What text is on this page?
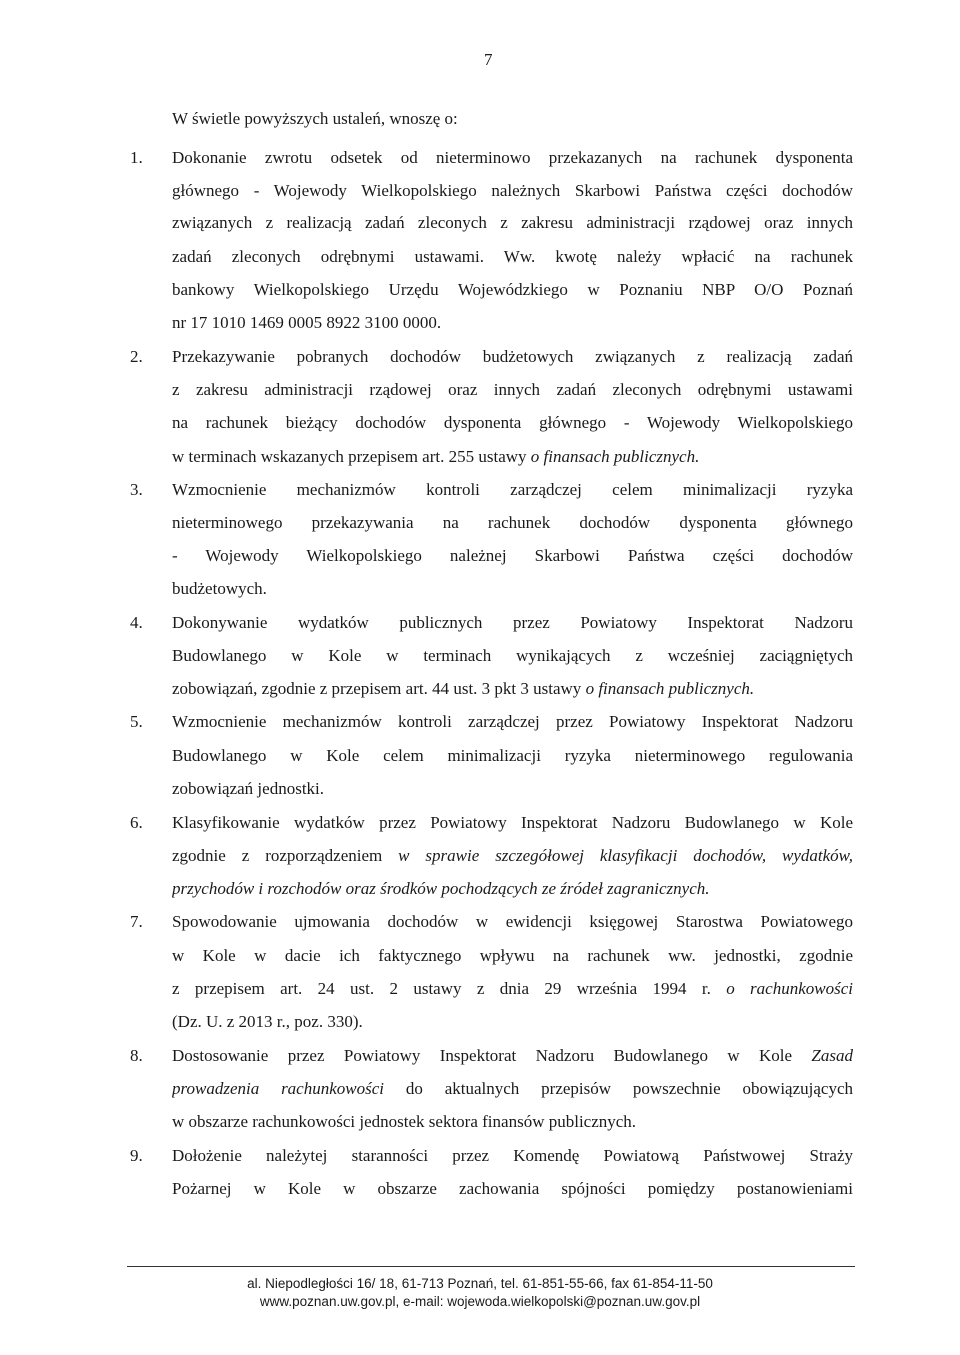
7
W świetle powyższych ustaleń, wnoszę o:
1. Dokonanie zwrotu odsetek od nieterminowo przekazanych na rachunek dysponenta
głównego - Wojewody Wielkopolskiego należnych Skarbowi Państwa części dochodów
związanych z realizacją zadań zleconych z zakresu administracji rządowej oraz innych
zadań zleconych odrębnymi ustawami. Ww. kwotę należy wpłacić na rachunek
bankowy Wielkopolskiego Urzędu Wojewódzkiego w Poznaniu NBP O/O Poznań
nr 17 1010 1469 0005 8922 3100 0000.
2. Przekazywanie pobranych dochodów budżetowych związanych z realizacją zadań
z zakresu administracji rządowej oraz innych zadań zleconych odrębnymi ustawami
na rachunek bieżący dochodów dysponenta głównego - Wojewody Wielkopolskiego
w terminach wskazanych przepisem art. 255 ustawy o finansach publicznych.
3. Wzmocnienie mechanizmów kontroli zarządczej celem minimalizacji ryzyka
nieterminowego przekazywania na rachunek dochodów dysponenta głównego
- Wojewody Wielkopolskiego należnej Skarbowi Państwa części dochodów
budżetowych.
4. Dokonywanie wydatków publicznych przez Powiatowy Inspektorat Nadzoru
Budowlanego w Kole w terminach wynikających z wcześniej zaciągniętych
zobowiązań, zgodnie z przepisem art. 44 ust. 3 pkt 3 ustawy o finansach publicznych.
5. Wzmocnienie mechanizmów kontroli zarządczej przez Powiatowy Inspektorat Nadzoru
Budowlanego w Kole celem minimalizacji ryzyka nieterminowego regulowania
zobowiązań jednostki.
6. Klasyfikowanie wydatków przez Powiatowy Inspektorat Nadzoru Budowlanego w Kole
zgodnie z rozporządzeniem w sprawie szczegółowej klasyfikacji dochodów, wydatków,
przychodów i rozchodów oraz środków pochodzących ze źródeł zagranicznych.
7. Spowodowanie ujmowania dochodów w ewidencji księgowej Starostwa Powiatowego
w Kole w dacie ich faktycznego wpływu na rachunek ww. jednostki, zgodnie
z przepisem art. 24 ust. 2 ustawy z dnia 29 września 1994 r. o rachunkowości
(Dz. U. z 2013 r., poz. 330).
8. Dostosowanie przez Powiatowy Inspektorat Nadzoru Budowlanego w Kole Zasad
prowadzenia rachunkowości do aktualnych przepisów powszechnie obowiązujących
w obszarze rachunkowości jednostek sektora finansów publicznych.
9. Dołożenie należytej staranności przez Komendę Powiatową Państwowej Straży
Pożarnej w Kole w obszarze zachowania spójności pomiędzy postanowieniami
al. Niepodległości 16/ 18, 61-713 Poznań, tel. 61-851-55-66, fax 61-854-11-50
www.poznan.uw.gov.pl, e-mail: wojewoda.wielkopolski@poznan.uw.gov.pl
